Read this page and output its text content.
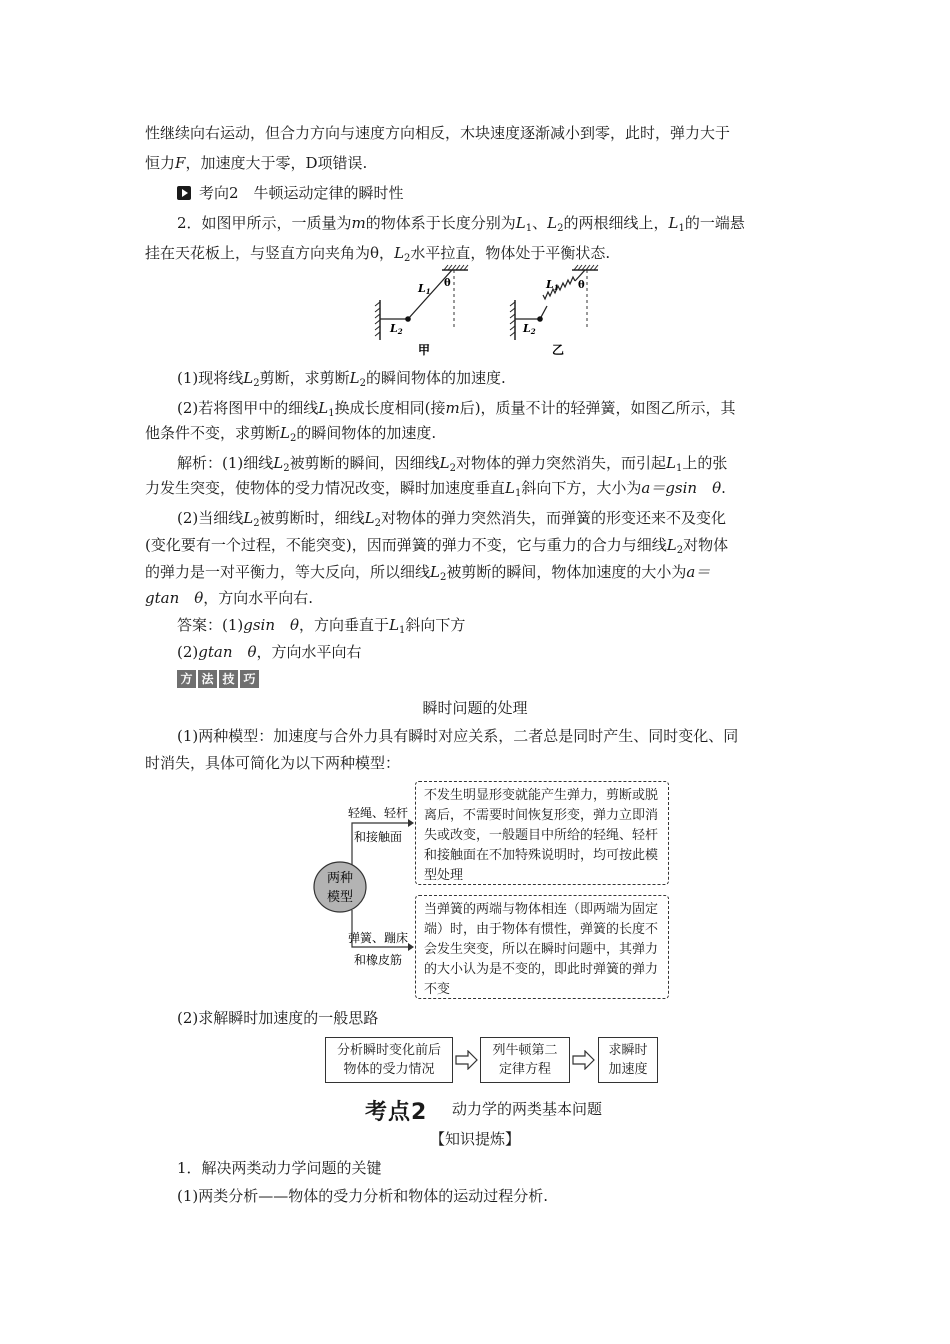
性继续向右运动，但合力方向与速度方向相反，木块速度逐渐减小到零，此时，弹力大于
恒力F，加速度大于零，D项错误.
考向2　牛顿运动定律的瞬时性
2．如图甲所示，一质量为m的物体系于长度分别为$L_1$、$L_2$的两根细线上，$L_1$的一端悬
挂在天花板上，与竖直方向夹角为θ，$L_2$水平拉直，物体处于平衡状态.
L1
θ
L2
甲
L1 θ
L2
乙
(1)现将线$L_2$剪断，求剪断$L_2$的瞬间物体的加速度.
(2)若将图甲中的细线$L_1$换成长度相同(接m后)，质量不计的轻弹簧，如图乙所示，其
他条件不变，求剪断$L_2$的瞬间物体的加速度.
解析：(1)细线$L_2$被剪断的瞬间，因细线$L_2$对物体的弹力突然消失，而引起$L_1$上的张
力发生突变，使物体的受力情况改变，瞬时加速度垂直$L_1$斜向下方，大小为a＝gsin　θ.
(2)当细线$L_2$被剪断时，细线$L_2$对物体的弹力突然消失，而弹簧的形变还来不及变化
(变化要有一个过程，不能突变)，因而弹簧的弹力不变，它与重力的合力与细线$L_2$对物体
的弹力是一对平衡力，等大反向，所以细线$L_2$被剪断的瞬间，物体加速度的大小为a＝
gtan　θ，方向水平向右.
答案：(1)gsin　θ，方向垂直于$L_1$斜向下方
(2)gtan　θ，方向水平向右
方 法 技 巧
瞬时问题的处理
(1)两种模型：加速度与合外力具有瞬时对应关系，二者总是同时产生、同时变化、同
时消失，具体可简化为以下两种模型：
两种
模型
轻绳、轻杆
和接触面
弹簧、蹦床
和橡皮筋
不发生明显形变就能产生弹力，剪断或脱离后，不需要时间恢复形变，弹力立即消失或改变，一般题目中所给的轻绳、轻杆和接触面在不加特殊说明时，均可按此模型处理
当弹簧的两端与物体相连（即两端为固定端）时，由于物体有惯性，弹簧的长度不会发生突变，所以在瞬时问题中，其弹力的大小认为是不变的，即此时弹簧的弹力不变
(2)求解瞬时加速度的一般思路
分析瞬时变化前后物体的受力情况
列牛顿第二定律方程
求瞬时加速度
考点2 动力学的两类基本问题
【知识提炼】
1．解决两类动力学问题的关键
(1)两类分析——物体的受力分析和物体的运动过程分析.
